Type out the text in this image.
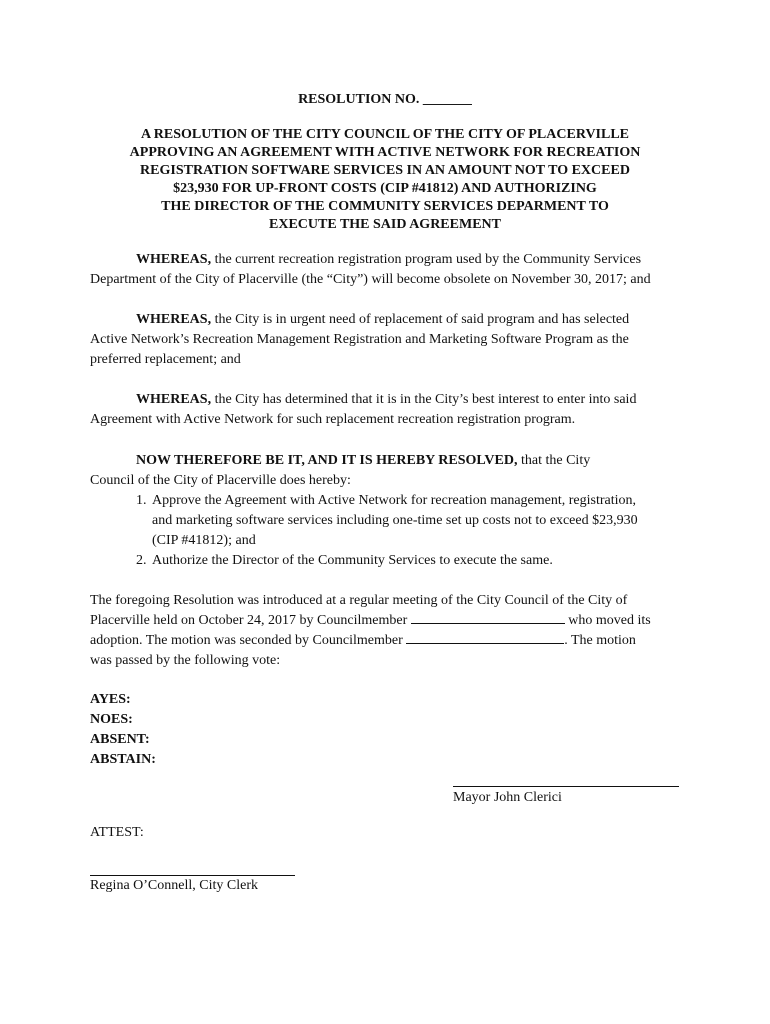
RESOLUTION NO. _______
A RESOLUTION OF THE CITY COUNCIL OF THE CITY OF PLACERVILLE
APPROVING AN AGREEMENT WITH ACTIVE NETWORK FOR RECREATION
REGISTRATION SOFTWARE SERVICES IN AN AMOUNT NOT TO EXCEED
$23,930 FOR UP-FRONT COSTS (CIP #41812) AND AUTHORIZING
THE DIRECTOR OF THE COMMUNITY SERVICES DEPARMENT TO
EXECUTE THE SAID AGREEMENT
WHEREAS, the current recreation registration program used by the Community Services
Department of the City of Placerville (the “City”) will become obsolete on November 30, 2017; and
WHEREAS, the City is in urgent need of replacement of said program and has selected
Active Network’s Recreation Management Registration and Marketing Software Program as the
preferred replacement; and
WHEREAS, the City has determined that it is in the City’s best interest to enter into said
Agreement with Active Network for such replacement recreation registration program.
NOW THEREFORE BE IT, AND IT IS HEREBY RESOLVED, that the City
Council of the City of Placerville does hereby:
1. Approve the Agreement with Active Network for recreation management, registration,
and marketing software services including one-time set up costs not to exceed $23,930
(CIP #41812); and
2. Authorize the Director of the Community Services to execute the same.
The foregoing Resolution was introduced at a regular meeting of the City Council of the City of
Placerville held on October 24, 2017 by Councilmember	who moved its
adoption. The motion was seconded by Councilmember	. The motion
was passed by the following vote:
AYES:
NOES:
ABSENT:
ABSTAIN:
Mayor John Clerici
ATTEST:
Regina O’Connell, City Clerk
